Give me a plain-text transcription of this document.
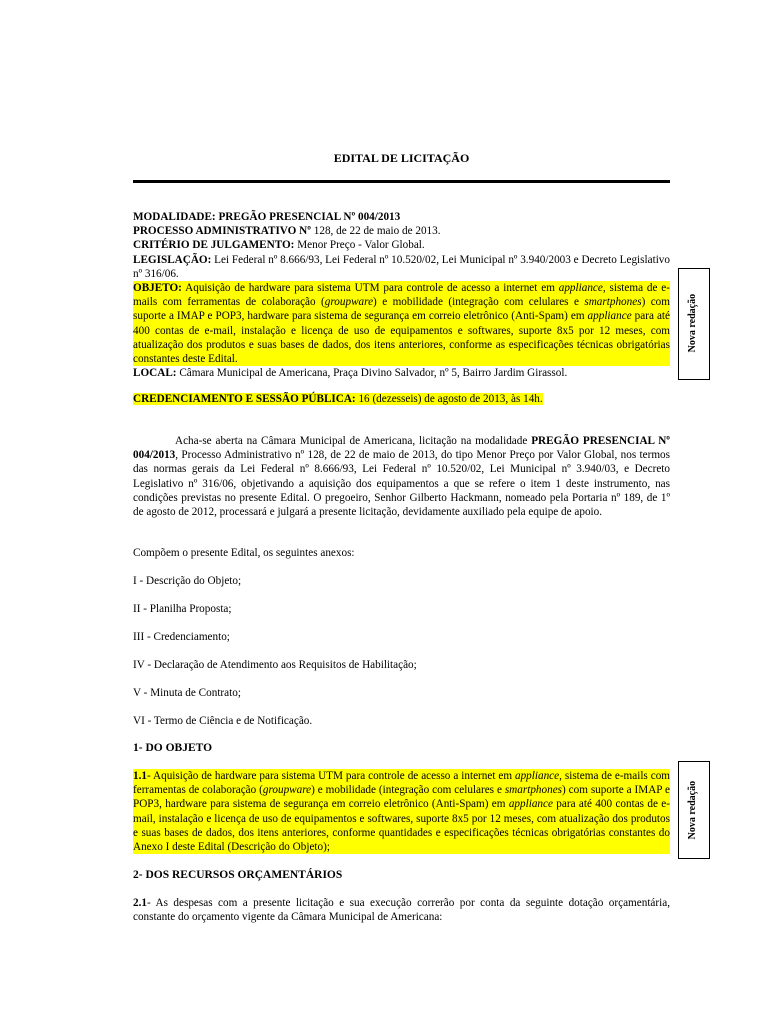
EDITAL DE LICITAÇÃO
MODALIDADE: PREGÃO PRESENCIAL Nº 004/2013
PROCESSO ADMINISTRATIVO Nº 128, de 22 de maio de 2013.
CRITÉRIO DE JULGAMENTO: Menor Preço - Valor Global.
LEGISLAÇÃO: Lei Federal nº 8.666/93, Lei Federal nº 10.520/02, Lei Municipal nº 3.940/2003 e Decreto Legislativo nº 316/06.
OBJETO: Aquisição de hardware para sistema UTM para controle de acesso a internet em appliance, sistema de e-mails com ferramentas de colaboração (groupware) e mobilidade (integração com celulares e smartphones) com suporte a IMAP e POP3, hardware para sistema de segurança em correio eletrônico (Anti-Spam) em appliance para até 400 contas de e-mail, instalação e licença de uso de equipamentos e softwares, suporte 8x5 por 12 meses, com atualização dos produtos e suas bases de dados, dos itens anteriores, conforme as especificações técnicas obrigatórias constantes deste Edital.
LOCAL: Câmara Municipal de Americana, Praça Divino Salvador, nº 5, Bairro Jardim Girassol.
Nova redação
CREDENCIAMENTO E SESSÃO PÚBLICA: 16 (dezesseis) de agosto de 2013, às 14h.
Acha-se aberta na Câmara Municipal de Americana, licitação na modalidade PREGÃO PRESENCIAL Nº 004/2013, Processo Administrativo nº 128, de 22 de maio de 2013, do tipo Menor Preço por Valor Global, nos termos das normas gerais da Lei Federal nº 8.666/93, Lei Federal nº 10.520/02, Lei Municipal nº 3.940/03, e Decreto Legislativo nº 316/06, objetivando a aquisição dos equipamentos a que se refere o item 1 deste instrumento, nas condições previstas no presente Edital. O pregoeiro, Senhor Gilberto Hackmann, nomeado pela Portaria nº 189, de 1º de agosto de 2012, processará e julgará a presente licitação, devidamente auxiliado pela equipe de apoio.
Compõem o presente Edital, os seguintes anexos:
I - Descrição do Objeto;
II - Planilha Proposta;
III - Credenciamento;
IV - Declaração de Atendimento aos Requisitos de Habilitação;
V - Minuta de Contrato;
VI - Termo de Ciência e de Notificação.
1- DO OBJETO
1.1- Aquisição de hardware para sistema UTM para controle de acesso a internet em appliance, sistema de e-mails com ferramentas de colaboração (groupware) e mobilidade (integração com celulares e smartphones) com suporte a IMAP e POP3, hardware para sistema de segurança em correio eletrônico (Anti-Spam) em appliance para até 400 contas de e-mail, instalação e licença de uso de equipamentos e softwares, suporte 8x5 por 12 meses, com atualização dos produtos e suas bases de dados, dos itens anteriores, conforme quantidades e especificações técnicas obrigatórias constantes do Anexo I deste Edital (Descrição do Objeto);
Nova redação
2- DOS RECURSOS ORÇAMENTÁRIOS
2.1- As despesas com a presente licitação e sua execução correrão por conta da seguinte dotação orçamentária, constante do orçamento vigente da Câmara Municipal de Americana:
